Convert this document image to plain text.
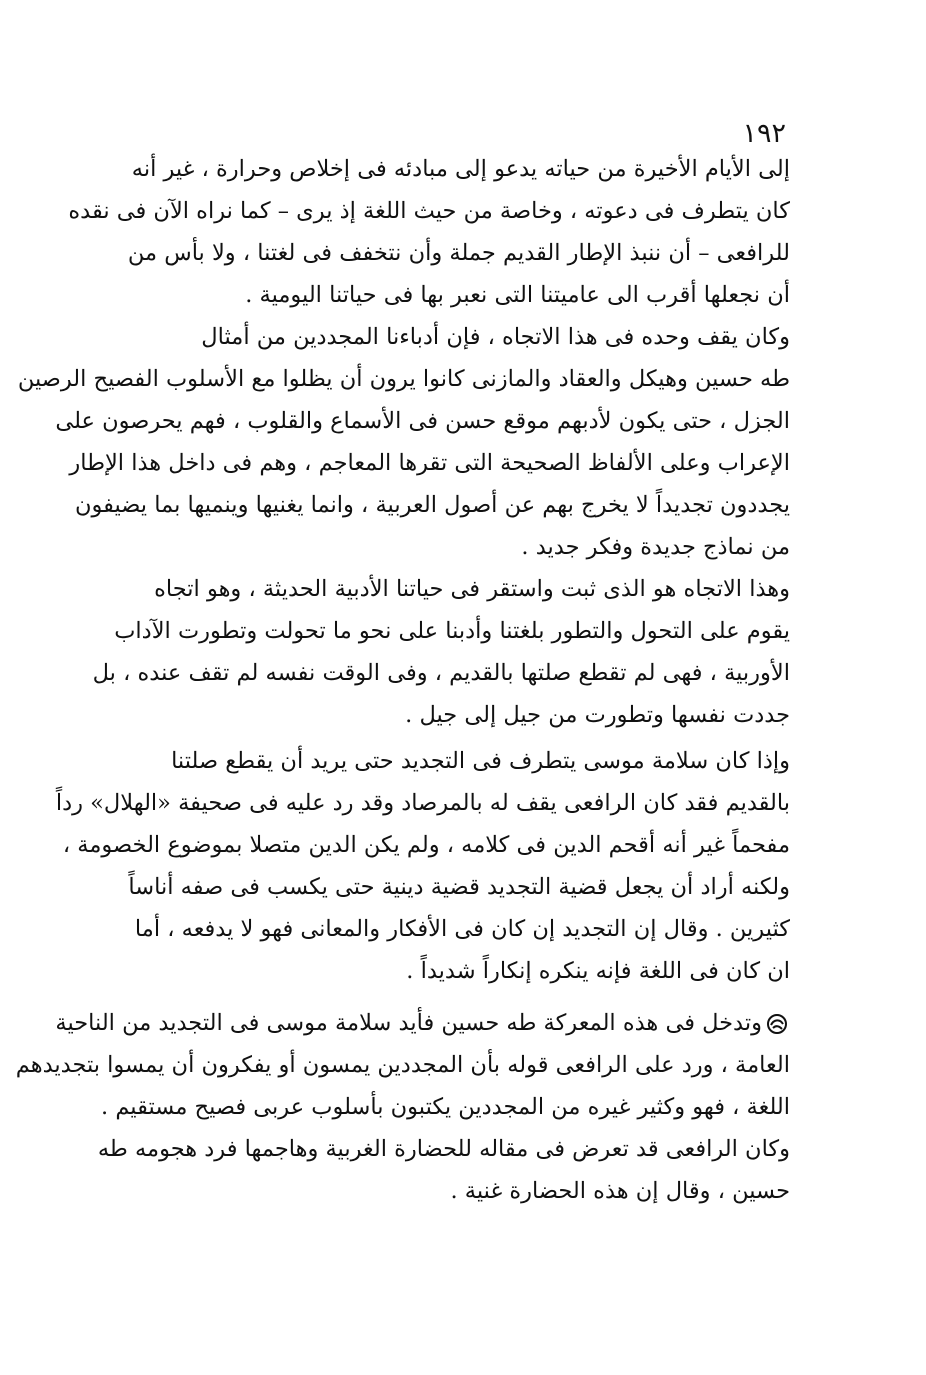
١٩٢
إلى الأيام الأخيرة من حياته يدعو إلى مبادئه فى إخلاص وحرارة ، غير أنه
كان يتطرف فى دعوته ، وخاصة من حيث اللغة إذ يرى – كما نراه الآن فى نقده
للرافعى – أن ننبذ الإطار القديم جملة وأن نتخفف فى لغتنا ، ولا بأس من
أن نجعلها أقرب الى عاميتنا التى نعبر بها فى حياتنا اليومية .
وكان يقف وحده فى هذا الاتجاه ، فإن أدباءنا المجددين من أمثال
طه حسين وهيكل والعقاد والمازنى كانوا يرون أن يظلوا مع الأسلوب الفصيح الرصين
الجزل ، حتى يكون لأدبهم موقع حسن فى الأسماع والقلوب ، فهم يحرصون على
الإعراب وعلى الألفاظ الصحيحة التى تقرها المعاجم ، وهم فى داخل هذا الإطار
يجددون تجديداً لا يخرج بهم عن أصول العربية ، وانما يغنيها وينميها بما يضيفون
من نماذج جديدة وفكر جديد .
وهذا الاتجاه هو الذى ثبت واستقر فى حياتنا الأدبية الحديثة ، وهو اتجاه
يقوم على التحول والتطور بلغتنا وأدبنا على نحو ما تحولت وتطورت الآداب
الأوربية ، فهى لم تقطع صلتها بالقديم ، وفى الوقت نفسه لم تقف عنده ، بل
جددت نفسها وتطورت من جيل إلى جيل .
وإذا كان سلامة موسى يتطرف فى التجديد حتى يريد أن يقطع صلتنا
بالقديم فقد كان الرافعى يقف له بالمرصاد وقد رد عليه فى صحيفة «الهلال» رداً
مفحماً غير أنه أقحم الدين فى كلامه ، ولم يكن الدين متصلا بموضوع الخصومة ،
ولكنه أراد أن يجعل قضية التجديد قضية دينية حتى يكسب فى صفه أناساً
كثيرين . وقال إن التجديد إن كان فى الأفكار والمعانى فهو لا يدفعه ، أما
ان كان فى اللغة فإنه ينكره إنكاراً شديداً .
وتدخل فى هذه المعركة طه حسين فأيد سلامة موسى فى التجديد من الناحية
العامة ، ورد على الرافعى قوله بأن المجددين يمسون أو يفكرون أن يمسوا بتجديدهم
اللغة ، فهو وكثير غيره من المجددين يكتبون بأسلوب عربى فصيح مستقيم .
وكان الرافعى قد تعرض فى مقاله للحضارة الغربية وهاجمها فرد هجومه طه
حسين ، وقال إن هذه الحضارة غنية .
